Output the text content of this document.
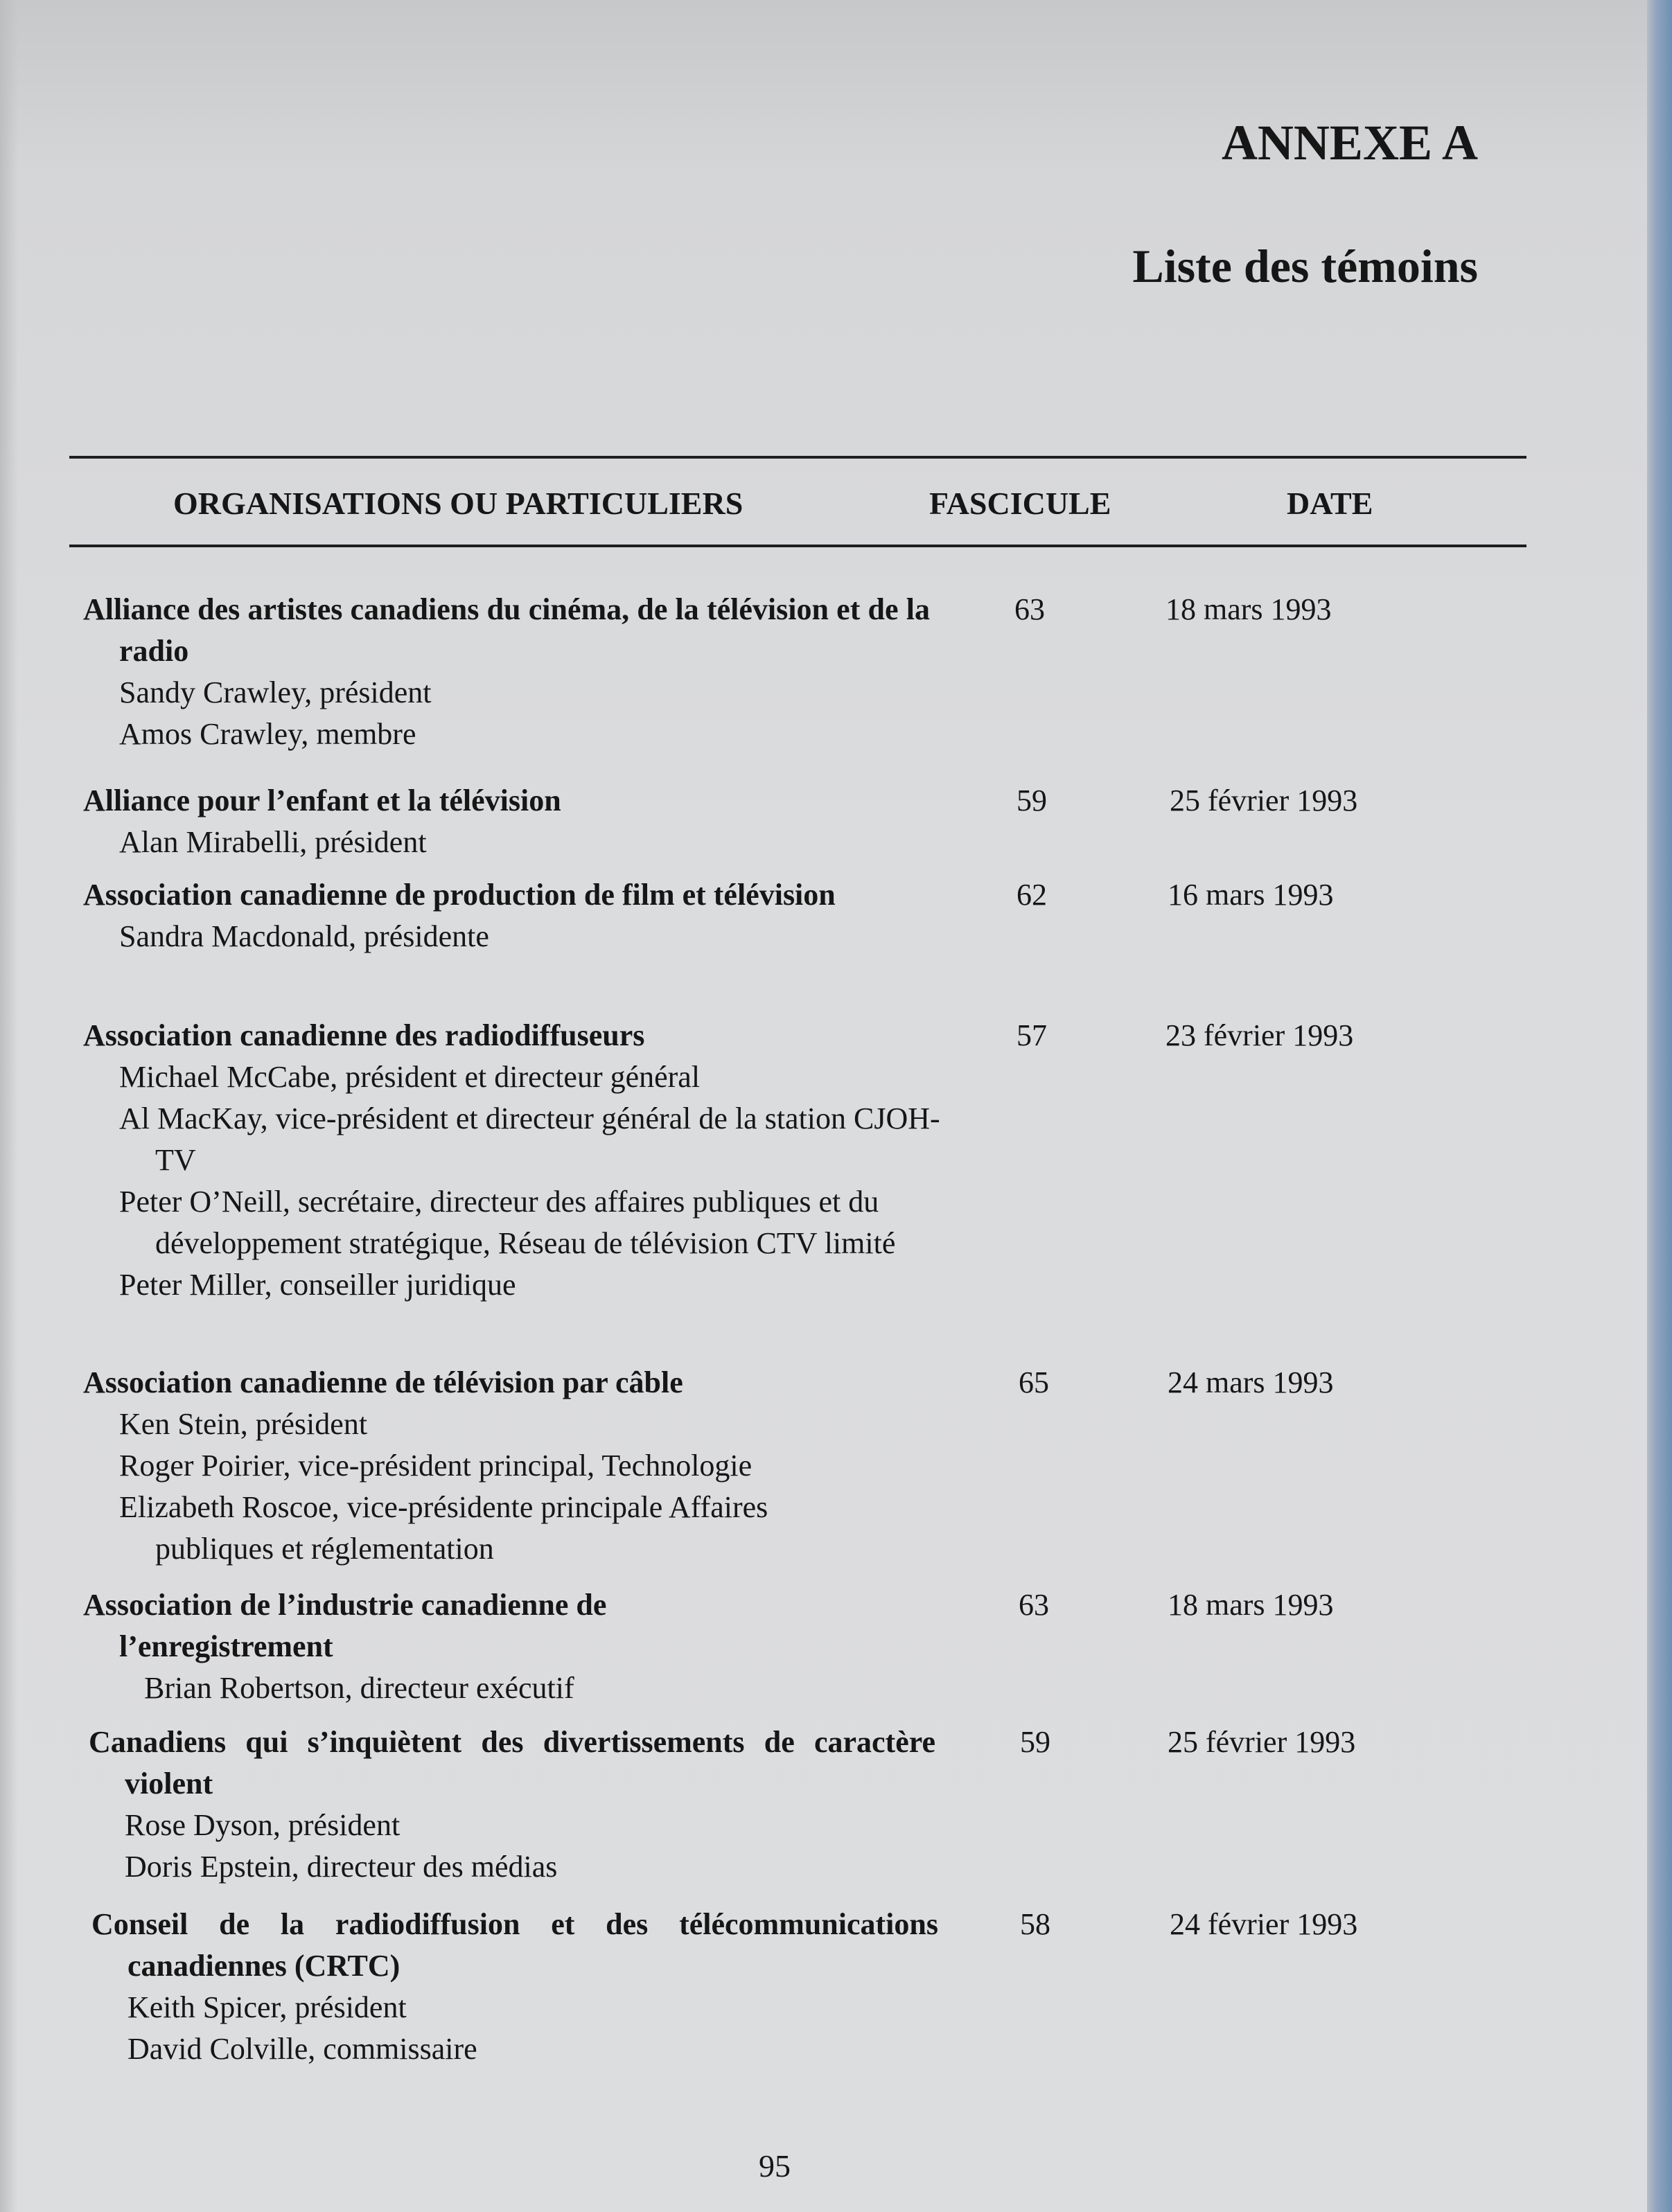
ANNEXE A
Liste des témoins
ORGANISATIONS OU PARTICULIERS	FASCICULE	DATE
Alliance des artistes canadiens du cinéma, de la télévision et de la radio
Sandy Crawley, président
Amos Crawley, membre
63	18 mars 1993
Alliance pour l’enfant et la télévision
Alan Mirabelli, président
59	25 février 1993
Association canadienne de production de film et télévision
Sandra Macdonald, présidente
62	16 mars 1993
Association canadienne des radiodiffuseurs
Michael McCabe, président et directeur général
Al MacKay, vice-président et directeur général de la station CJOH-TV
Peter O’Neill, secrétaire, directeur des affaires publiques et du développement stratégique, Réseau de télévision CTV limité
Peter Miller, conseiller juridique
57	23 février 1993
Association canadienne de télévision par câble
Ken Stein, président
Roger Poirier, vice-président principal, Technologie
Elizabeth Roscoe, vice-présidente principale Affaires publiques et réglementation
65	24 mars 1993
Association de l’industrie canadienne de l’enregistrement
Brian Robertson, directeur exécutif
63	18 mars 1993
Canadiens qui s’inquiètent des divertissements de caractère violent
Rose Dyson, président
Doris Epstein, directeur des médias
59	25 février 1993
Conseil de la radiodiffusion et des télécommunications canadiennes (CRTC)
Keith Spicer, président
David Colville, commissaire
58	24 février 1993
95
